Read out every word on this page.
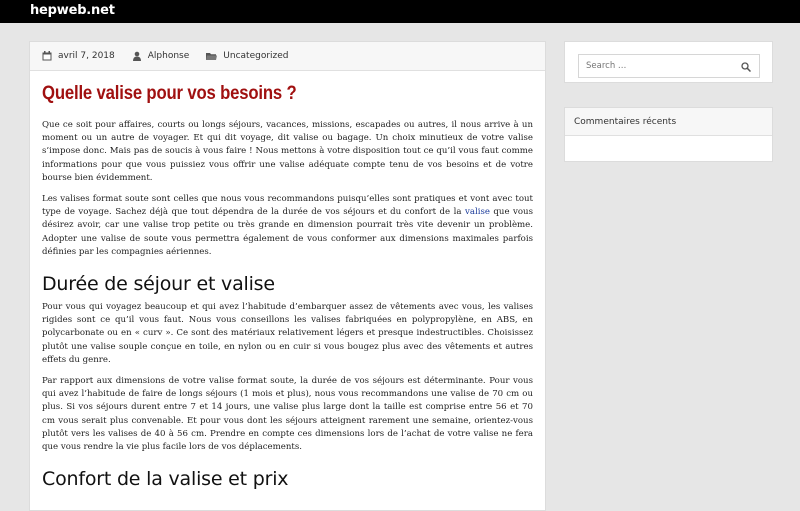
hepweb.net
avril 7, 2018	Alphonse	Uncategorized
Quelle valise pour vos besoins ?

Que ce soit pour affaires, courts ou longs séjours, vacances, missions, escapades ou autres, il nous arrive à un moment ou un autre de voyager. Et qui dit voyage, dit valise ou bagage. Un choix minutieux de votre valise s’impose donc. Mais pas de soucis à vous faire ! Nous mettons à votre disposition tout ce qu’il vous faut comme informations pour que vous puissiez vous offrir une valise adéquate compte tenu de vos besoins et de votre bourse bien évidemment.

Les valises format soute sont celles que nous vous recommandons puisqu’elles sont pratiques et vont avec tout type de voyage. Sachez déjà que tout dépendra de la durée de vos séjours et du confort de la valise que vous désirez avoir, car une valise trop petite ou très grande en dimension pourrait très vite devenir un problème. Adopter une valise de soute vous permettra également de vous conformer aux dimensions maximales parfois définies par les compagnies aériennes.

Durée de séjour et valise

Pour vous qui voyagez beaucoup et qui avez l’habitude d’embarquer assez de vêtements avec vous, les valises rigides sont ce qu’il vous faut. Nous vous conseillons les valises fabriquées en polypropylène, en ABS, en polycarbonate ou en « curv ». Ce sont des matériaux relativement légers et presque indestructibles. Choisissez plutôt une valise souple conçue en toile, en nylon ou en cuir si vous bougez plus avec des vêtements et autres effets du genre.

Par rapport aux dimensions de votre valise format soute, la durée de vos séjours est déterminante. Pour vous qui avez l’habitude de faire de longs séjours (1 mois et plus), nous vous recommandons une valise de 70 cm ou plus. Si vos séjours durent entre 7 et 14 jours, une valise plus large dont la taille est comprise entre 56 et 70 cm vous serait plus convenable. Et pour vous dont les séjours atteignent rarement une semaine, orientez-vous plutôt vers les valises de 40 à 56 cm. Prendre en compte ces dimensions lors de l’achat de votre valise ne fera que vous rendre la vie plus facile lors de vos déplacements.

Confort de la valise et prix
Search …
Commentaires récents
